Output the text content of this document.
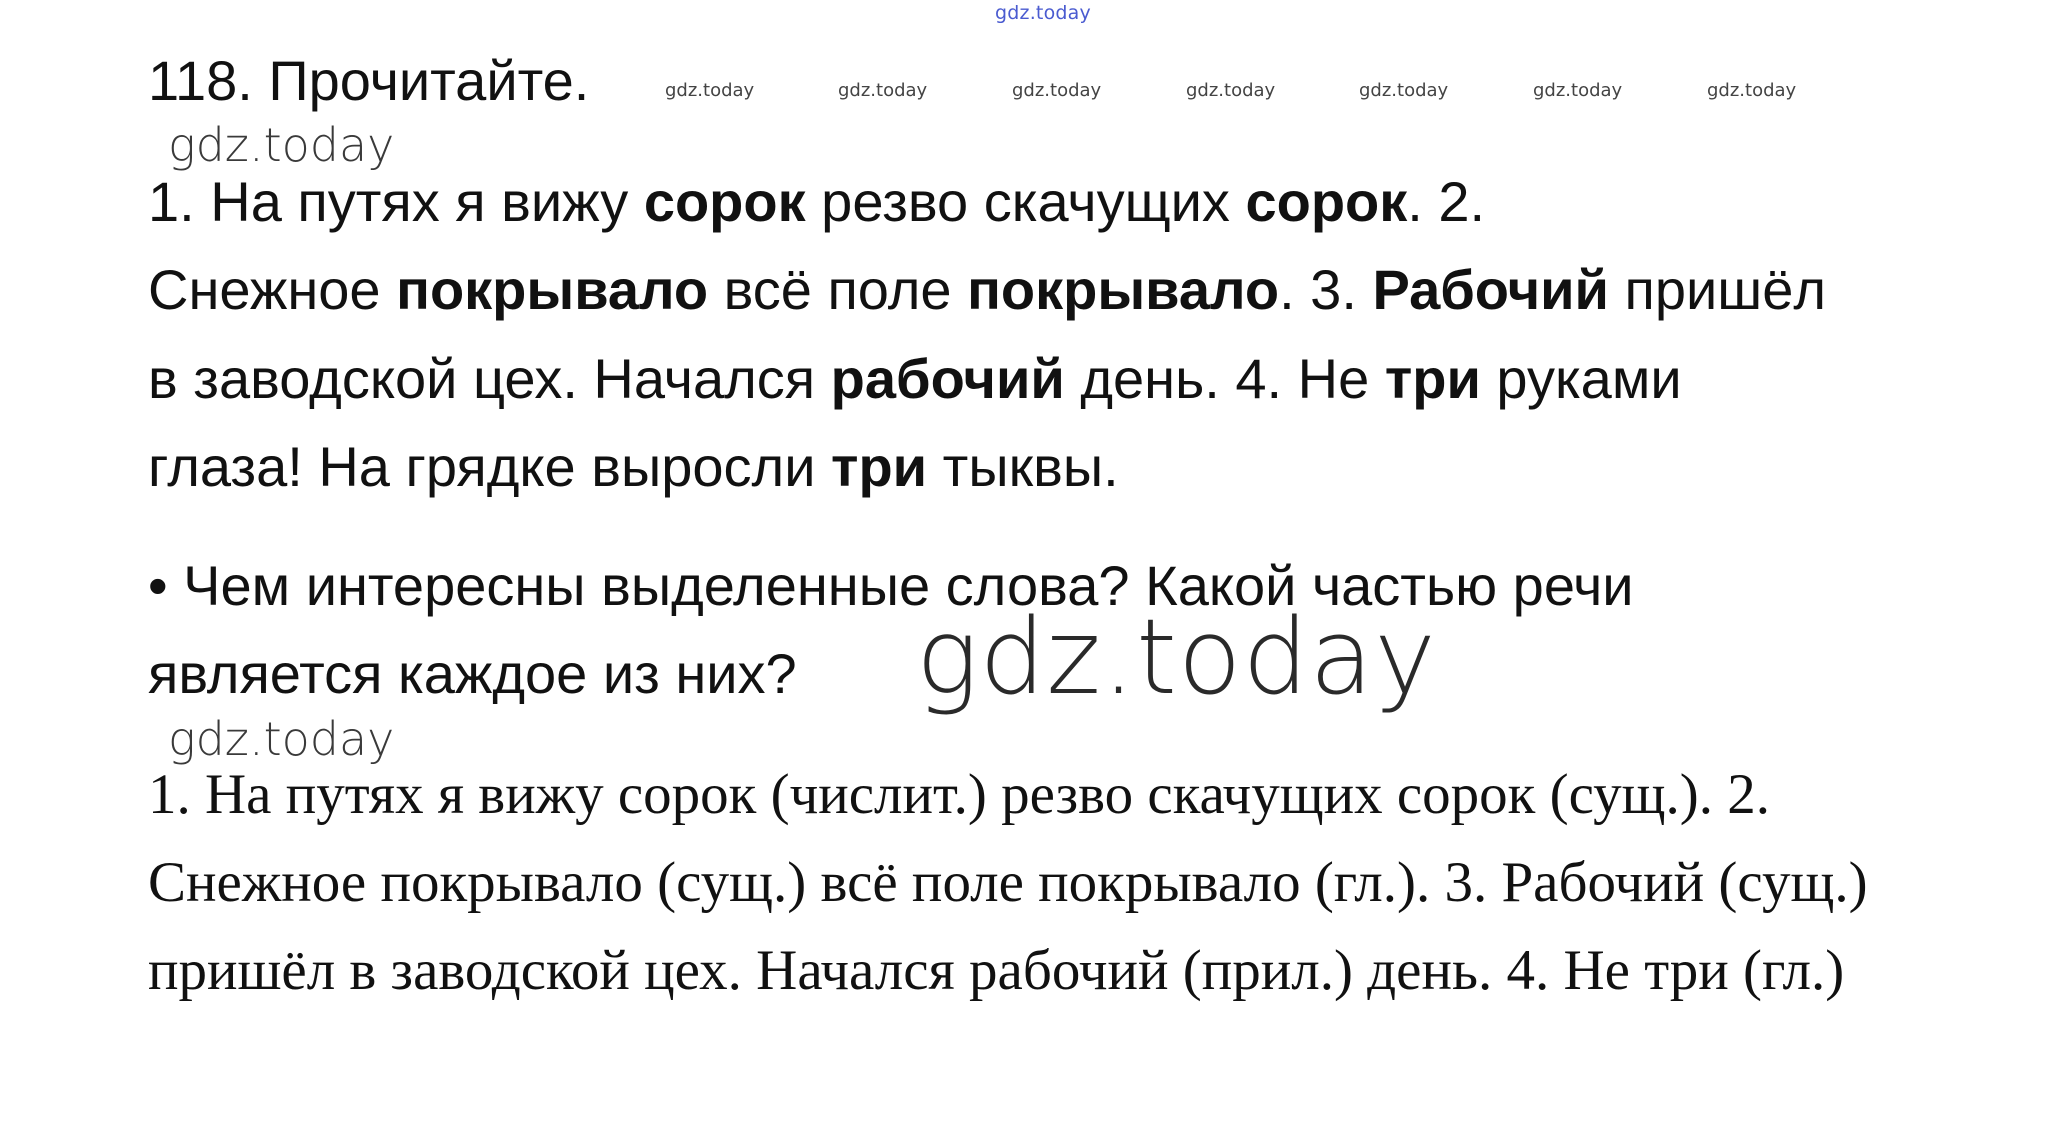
gdz.today
118. Прочитайте.	gdz.today	gdz.today	gdz.today	gdz.today	gdz.today	gdz.today	gdz.today
gdz.today
1. На путях я вижу сорок резво скачущих сорок. 2.
Снежное покрывало всё поле покрывало. 3. Рабочий пришёл
в заводской цех. Начался рабочий день. 4. Не три руками
глаза! На грядке выросли три тыквы.
• Чем интересны выделенные слова? Какой частью речи
является каждое из них? gdz.today
gdz.today
1. На путях я вижу сорок (числит.) резво скачущих сорок (сущ.). 2.
Снежное покрывало (сущ.) всё поле покрывало (гл.). 3. Рабочий (сущ.)
пришёл в заводской цех. Начался рабочий (прил.) день. 4. Не три (гл.)
